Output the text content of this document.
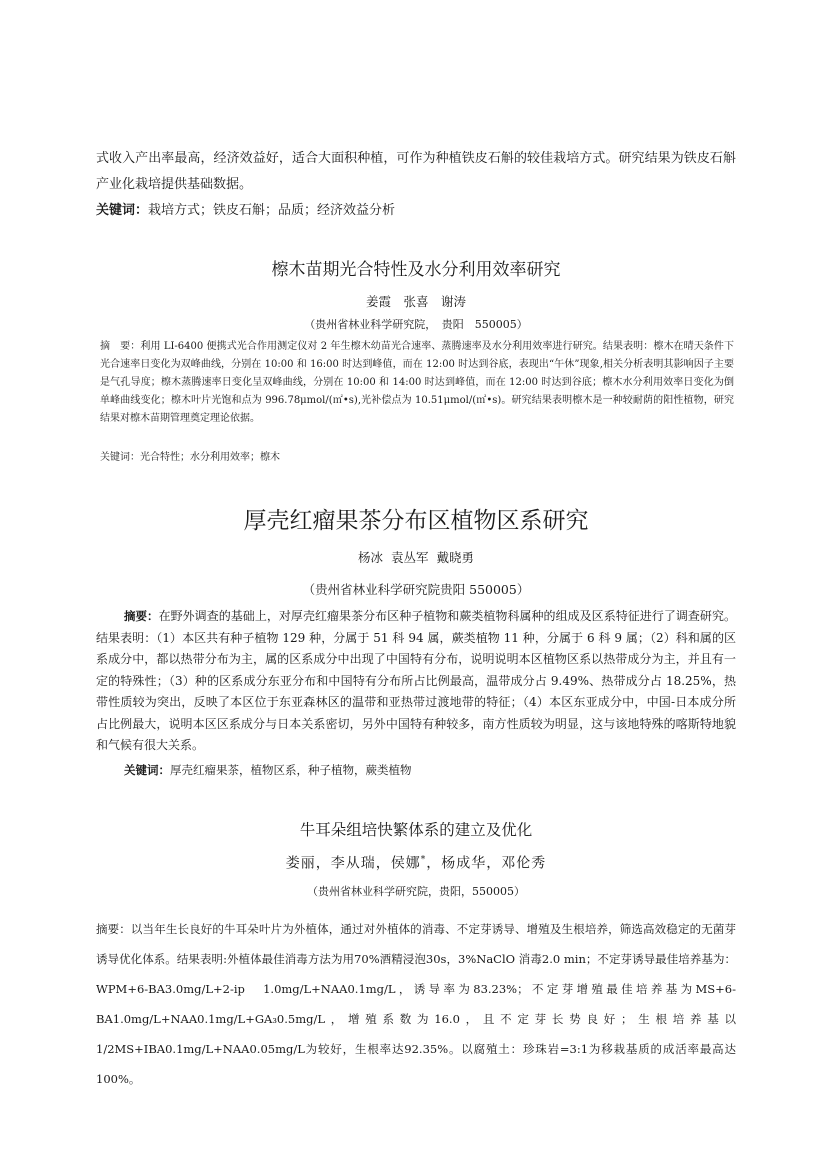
式收入产出率最高，经济效益好，适合大面积种植，可作为种植铁皮石斛的较佳栽培方式。研究结果为铁皮石斛产业化栽培提供基础数据。

关键词：栽培方式；铁皮石斛；品质；经济效益分析

檫木苗期光合特性及水分利用效率研究

姜霞　张喜　谢涛

（贵州省林业科学研究院，　贵阳　550005）

摘　要：利用 LI-6400 便携式光合作用测定仪对 2 年生檫木幼苗光合速率、蒸腾速率及水分利用效率进行研究。结果表明：檫木在晴天条件下光合速率日变化为双峰曲线，分别在 10:00 和 16:00 时达到峰值，而在 12:00 时达到谷底，表现出“午休”现象,相关分析表明其影响因子主要是气孔导度；檫木蒸腾速率日变化呈双峰曲线，分别在 10:00 和 14:00 时达到峰值，而在 12:00 时达到谷底；檫木水分利用效率日变化为倒单峰曲线变化；檫木叶片光饱和点为 996.78μmol/(㎡•s),光补偿点为 10.51μmol/(㎡•s)。研究结果表明檫木是一种较耐荫的阳性植物，研究结果对檫木苗期管理奠定理论依据。

关键词：光合特性；水分利用效率；檫木

厚壳红瘤果茶分布区植物区系研究

杨冰 袁丛军 戴晓勇

（贵州省林业科学研究院贵阳 550005）

摘要：在野外调查的基础上，对厚壳红瘤果茶分布区种子植物和蕨类植物科属种的组成及区系特征进行了调查研究。结果表明：（1）本区共有种子植物 129 种，分属于 51 科 94 属，蕨类植物 11 种，分属于 6 科 9 属；（2）科和属的区系成分中，都以热带分布为主，属的区系成分中出现了中国特有分布，说明说明本区植物区系以热带成分为主，并且有一定的特殊性；（3）种的区系成分东亚分布和中国特有分布所占比例最高，温带成分占 9.49%、热带成分占 18.25%，热带性质较为突出，反映了本区位于东亚森林区的温带和亚热带过渡地带的特征；（4）本区东亚成分中，中国-日本成分所占比例最大，说明本区区系成分与日本关系密切，另外中国特有种较多，南方性质较为明显，这与该地特殊的喀斯特地貌和气候有很大关系。

关键词：厚壳红瘤果茶，植物区系，种子植物，蕨类植物

牛耳朵组培快繁体系的建立及优化

娄丽，李从瑞，侯娜*，杨成华，邓伦秀

（贵州省林业科学研究院，贵阳，550005）

摘要：以当年生长良好的牛耳朵叶片为外植体，通过对外植体的消毒、不定芽诱导、增殖及生根培养，筛选高效稳定的无菌芽诱导优化体系。结果表明:外植体最佳消毒方法为用70%酒精浸泡30s，3%NaClO 消毒2.0 min；不定芽诱导最佳培养基为：WPM+6-BA3.0mg/L+2-ip　1.0mg/L+NAA0.1mg/L，诱导率为83.23%；不定芽增殖最佳培养基为MS+6-BA1.0mg/L+NAA0.1mg/L+GA₃0.5mg/L，增殖系数为16.0，且不定芽长势良好；生根培养基以1/2MS+IBA0.1mg/L+NAA0.05mg/L为较好，生根率达92.35%。以腐殖土：珍珠岩=3:1为移栽基质的成活率最高达100%。
